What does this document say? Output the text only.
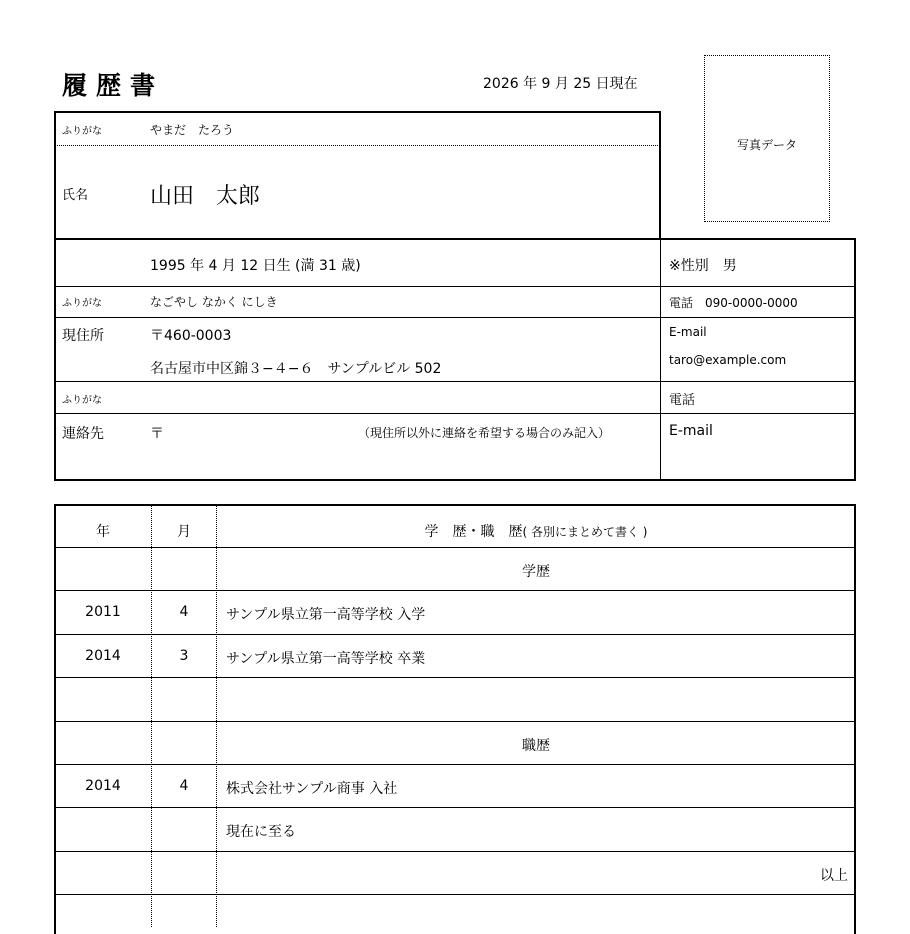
履歴書	2026 年 9 月 25 日現在
写真データ
ふりがな	やまだ　たろう
氏名	山田　太郎
1995 年 4 月 12 日生 (満 31 歳)	※性別　男
ふりがな	なごやし なかく にしき	電話　090-0000-0000
現住所	〒460-0003
名古屋市中区錦３−４−６　サンプルビル 502
E-mail
taro@example.com
ふりがな	電話
連絡先	〒	（現住所以外に連絡を希望する場合のみ記入）	E-mail
年	月	学　歴・職　歴( 各別にまとめて書く )
学歴
2011	4	サンプル県立第一高等学校 入学
2014	3	サンプル県立第一高等学校 卒業
職歴
2014	4	株式会社サンプル商事 入社
現在に至る
以上
